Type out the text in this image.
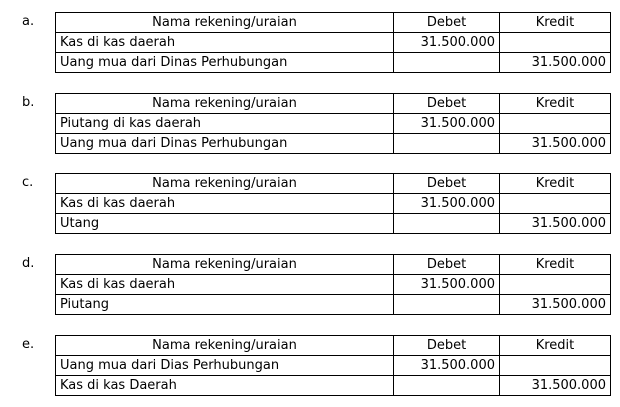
a.	Nama rekening/uraian	Debet	Kredit
Kas di kas daerah	31.500.000	
Uang mua dari Dinas Perhubungan		31.500.000
b.	Nama rekening/uraian	Debet	Kredit
Piutang di kas daerah	31.500.000	
Uang mua dari Dinas Perhubungan		31.500.000
c.	Nama rekening/uraian	Debet	Kredit
Kas di kas daerah	31.500.000	
Utang		31.500.000
d.	Nama rekening/uraian	Debet	Kredit
Kas di kas daerah	31.500.000	
Piutang		31.500.000
e.	Nama rekening/uraian	Debet	Kredit
Uang mua dari Dias Perhubungan	31.500.000	
Kas di kas Daerah		31.500.000
